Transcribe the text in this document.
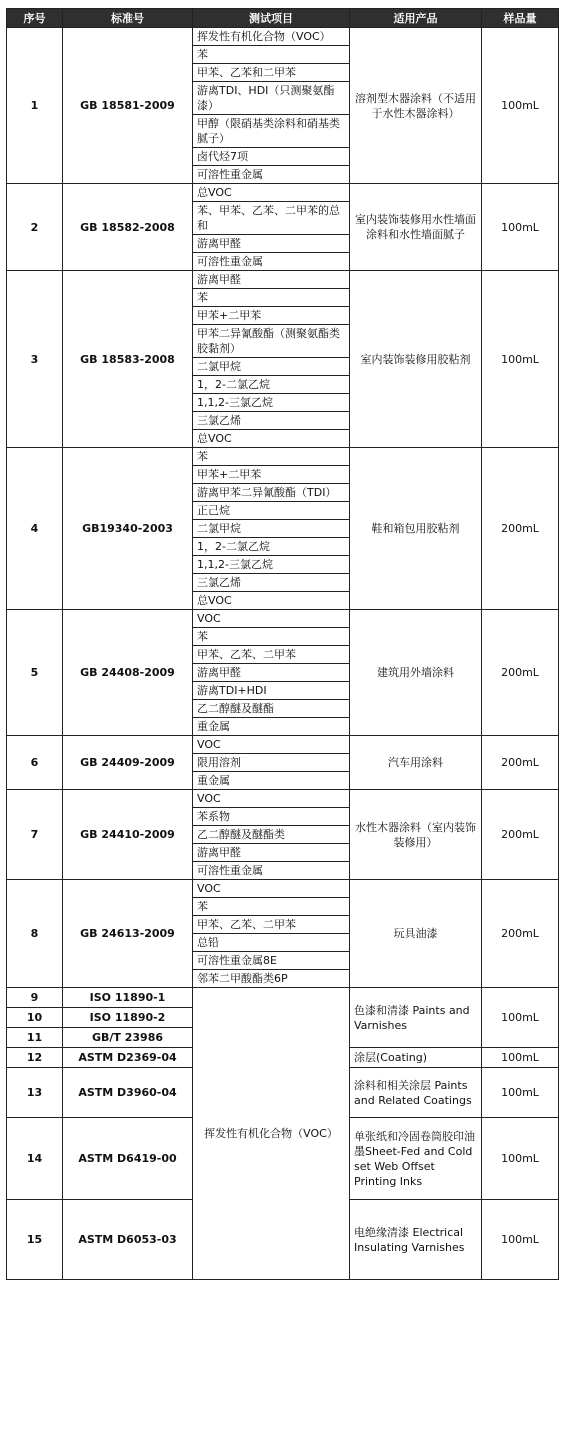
序号	标准号	测试项目	适用产品	样品量
1	GB 18581-2009	挥发性有机化合物（VOC）	溶剂型木器涂料（不适用于水性木器涂料）	100mL
		苯		
		甲苯、乙苯和二甲苯		
		游离TDI、HDI（只测聚氨酯漆）		
		甲醇（限硝基类涂料和硝基类腻子）		
		卤代烃7项		
		可溶性重金属		
2	GB 18582-2008	总VOC	室内装饰装修用水性墙面涂料和水性墙面腻子	100mL
		苯、甲苯、乙苯、二甲苯的总和		
		游离甲醛		
		可溶性重金属		
3	GB 18583-2008	游离甲醛	室内装饰装修用胶粘剂	100mL
		苯		
		甲苯+二甲苯		
		甲苯二异氰酸酯（测聚氨酯类胶黏剂）		
		二氯甲烷		
		1，2-二氯乙烷		
		1,1,2-三氯乙烷		
		三氯乙烯		
		总VOC		
4	GB19340-2003	苯	鞋和箱包用胶粘剂	200mL
		甲苯+二甲苯		
		游离甲苯二异氰酸酯（TDI）		
		正己烷		
		二氯甲烷		
		1，2-二氯乙烷		
		1,1,2-三氯乙烷		
		三氯乙烯		
		总VOC		
5	GB 24408-2009	VOC	建筑用外墙涂料	200mL
		苯		
		甲苯、乙苯、二甲苯		
		游离甲醛		
		游离TDI+HDI		
		乙二醇醚及醚酯		
		重金属		
6	GB 24409-2009	VOC	汽车用涂料	200mL
		限用溶剂		
		重金属		
7	GB 24410-2009	VOC	水性木器涂料（室内装饰装修用）	200mL
		苯系物		
		乙二醇醚及醚酯类		
		游离甲醛		
		可溶性重金属		
8	GB 24613-2009	VOC	玩具油漆	200mL
		苯		
		甲苯、乙苯、二甲苯		
		总铅		
		可溶性重金属8E		
		邻苯二甲酸酯类6P		
9	ISO 11890-1	挥发性有机化合物（VOC）	色漆和清漆 Paints and Varnishes	100mL
10	ISO 11890-2			
11	GB/T 23986			
12	ASTM D2369-04		涂层(Coating)	100mL
13	ASTM D3960-04		涂料和相关涂层 Paints and Related Coatings	100mL
14	ASTM D6419-00		单张纸和冷固卷筒胶印油墨Sheet-Fed and Cold set Web Offset Printing Inks	100mL
15	ASTM D6053-03		电绝缘清漆 Electrical Insulating Varnishes	100mL
